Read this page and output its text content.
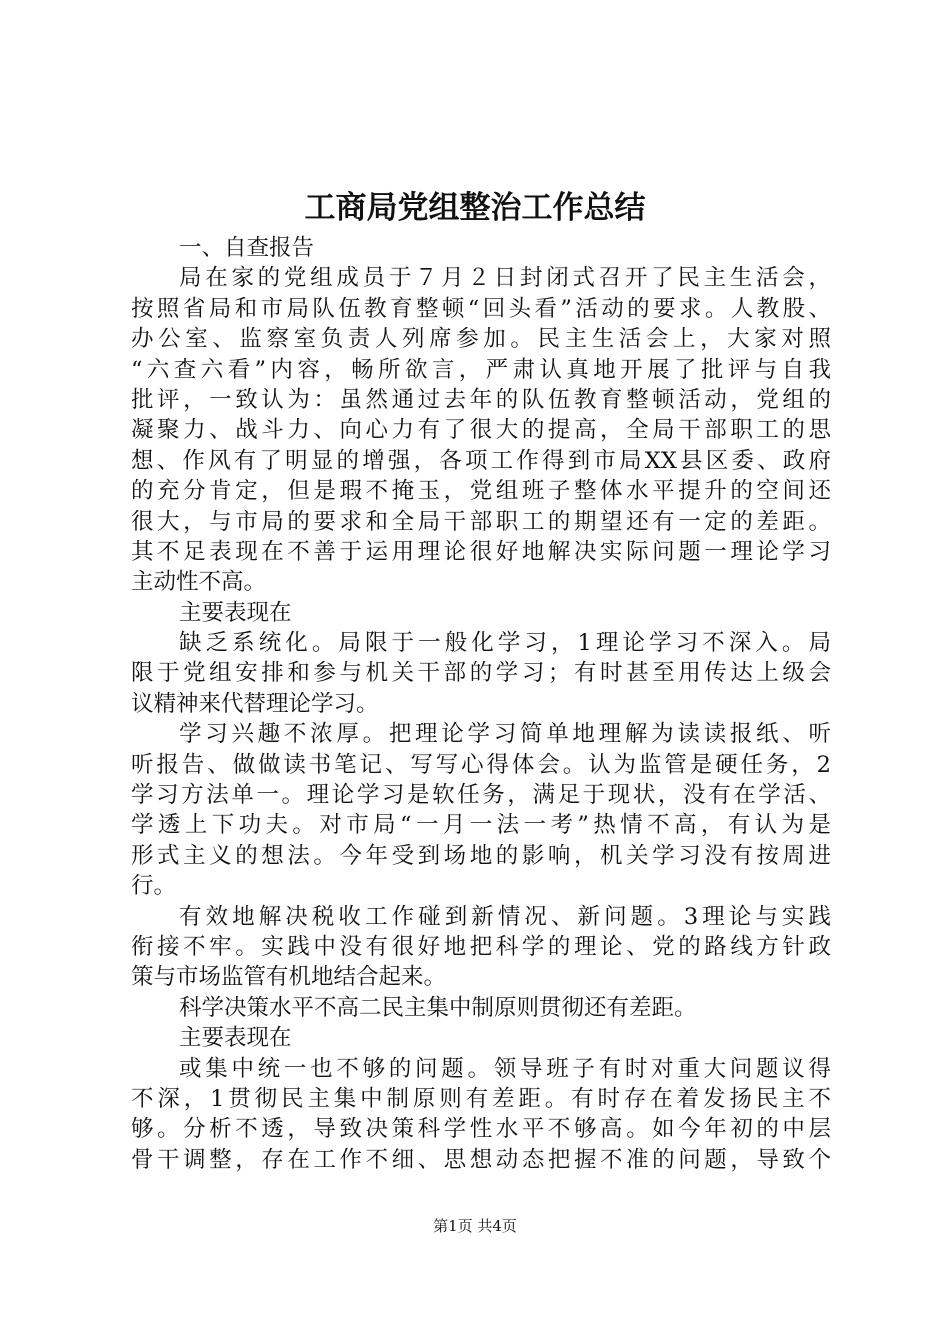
工商局党组整治工作总结
一、自查报告
局在家的党组成员于７月２日封闭式召开了民主生活会，
按照省局和市局队伍教育整顿“回头看”活动的要求。人教股、
办公室、监察室负责人列席参加。民主生活会上，大家对照
“六查六看”内容，畅所欲言，严肃认真地开展了批评与自我
批评，一致认为：虽然通过去年的队伍教育整顿活动，党组的
凝聚力、战斗力、向心力有了很大的提高，全局干部职工的思
想、作风有了明显的增强，各项工作得到市局XX县区委、政府
的充分肯定，但是瑕不掩玉，党组班子整体水平提升的空间还
很大，与市局的要求和全局干部职工的期望还有一定的差距。
其不足表现在不善于运用理论很好地解决实际问题一理论学习
主动性不高。
主要表现在
缺乏系统化。局限于一般化学习，1理论学习不深入。局
限于党组安排和参与机关干部的学习；有时甚至用传达上级会
议精神来代替理论学习。
学习兴趣不浓厚。把理论学习简单地理解为读读报纸、听
听报告、做做读书笔记、写写心得体会。认为监管是硬任务，2
学习方法单一。理论学习是软任务，满足于现状，没有在学活、
学透上下功夫。对市局“一月一法一考”热情不高，有认为是
形式主义的想法。今年受到场地的影响，机关学习没有按周进
行。
有效地解决税收工作碰到新情况、新问题。3理论与实践
衔接不牢。实践中没有很好地把科学的理论、党的路线方针政
策与市场监管有机地结合起来。
科学决策水平不高二民主集中制原则贯彻还有差距。
主要表现在
或集中统一也不够的问题。领导班子有时对重大问题议得
不深，1贯彻民主集中制原则有差距。有时存在着发扬民主不
够。分析不透，导致决策科学性水平不够高。如今年初的中层
骨干调整，存在工作不细、思想动态把握不准的问题，导致个
第1页 共4页
